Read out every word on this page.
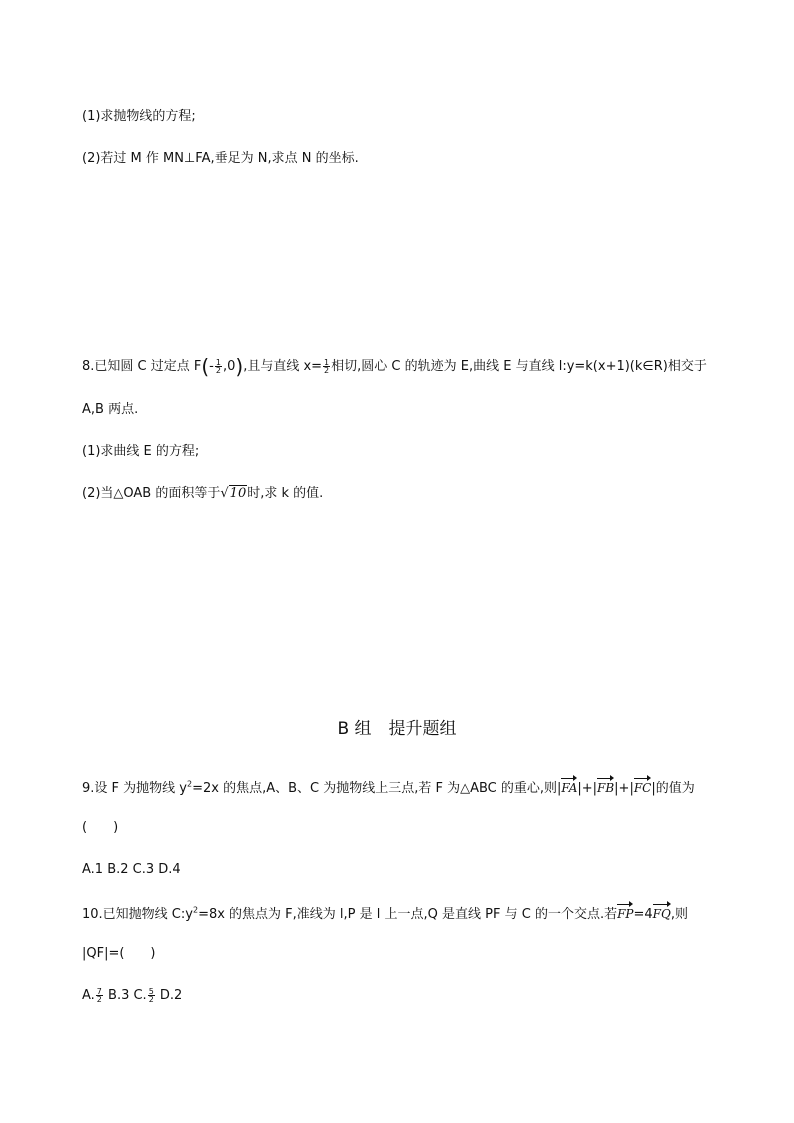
(1)求抛物线的方程;
(2)若过 M 作 MN⊥FA,垂足为 N,求点 N 的坐标.
8.已知圆 C 过定点 $F(- \frac{1}{2} ,0)$,且与直线 $x= \frac{1}{2}$ 相切,圆心 C 的轨迹为 E,曲线 E 与直线 l:y=k(x+1)(k∈R)相交于
A,B 两点.
(1)求曲线 E 的方程;
(2)当△OAB 的面积等于√10时,求 k 的值.
B 组　提升题组
9.设 F 为抛物线 $y^2=2x$ 的焦点,A、B、C 为抛物线上三点,若 F 为△ABC 的重心,则|FA|+|FB|+|FC|的值为
(　　)
A.1 B.2 C.3 D.4
10.已知抛物线 $C:y^2=8x$ 的焦点为 F,准线为 l,P 是 l 上一点,Q 是直线 PF 与 C 的一个交点.若FP=4FQ,则
|QF|=(　　)
A. $\frac{7}{2} B.3$ C. $\frac{5}{2} D.2$
